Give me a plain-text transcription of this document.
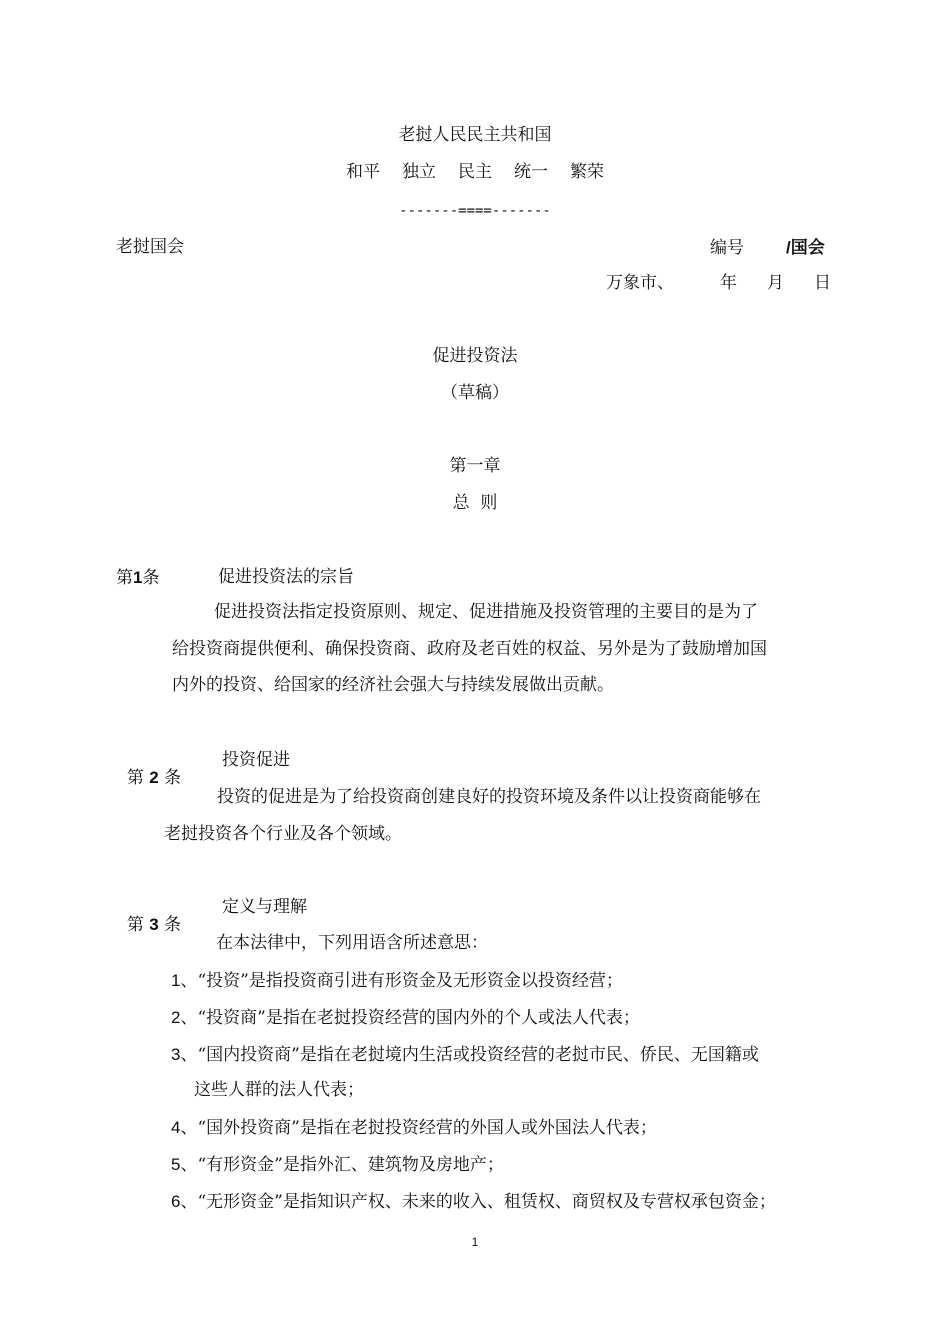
老挝人民民主共和国
和平 独立 民主 统一 繁荣
-------====-------
老挝国会	编号 /国会
万象市、	年 月 日
促进投资法
（草稿）
第一章
总  则
第1条	促进投资法的宗旨
促进投资法指定投资原则、规定、促进措施及投资管理的主要目的是为了
给投资商提供便利、确保投资商、政府及老百姓的权益、另外是为了鼓励增加国
内外的投资、给国家的经济社会强大与持续发展做出贡献。

第 2 条

投资促进
投资的促进是为了给投资商创建良好的投资环境及条件以让投资商能够在
老挝投资各个行业及各个领域。

第 3 条

定义与理解
在本法律中，下列用语含所述意思：
1、“投资”是指投资商引进有形资金及无形资金以投资经营；
2、“投资商”是指在老挝投资经营的国内外的个人或法人代表；
3、“国内投资商”是指在老挝境内生活或投资经营的老挝市民、侨民、无国籍或
这些人群的法人代表；
4、“国外投资商”是指在老挝投资经营的外国人或外国法人代表；
5、“有形资金”是指外汇、建筑物及房地产；
6、“无形资金”是指知识产权、未来的收入、租赁权、商贸权及专营权承包资金；
1
